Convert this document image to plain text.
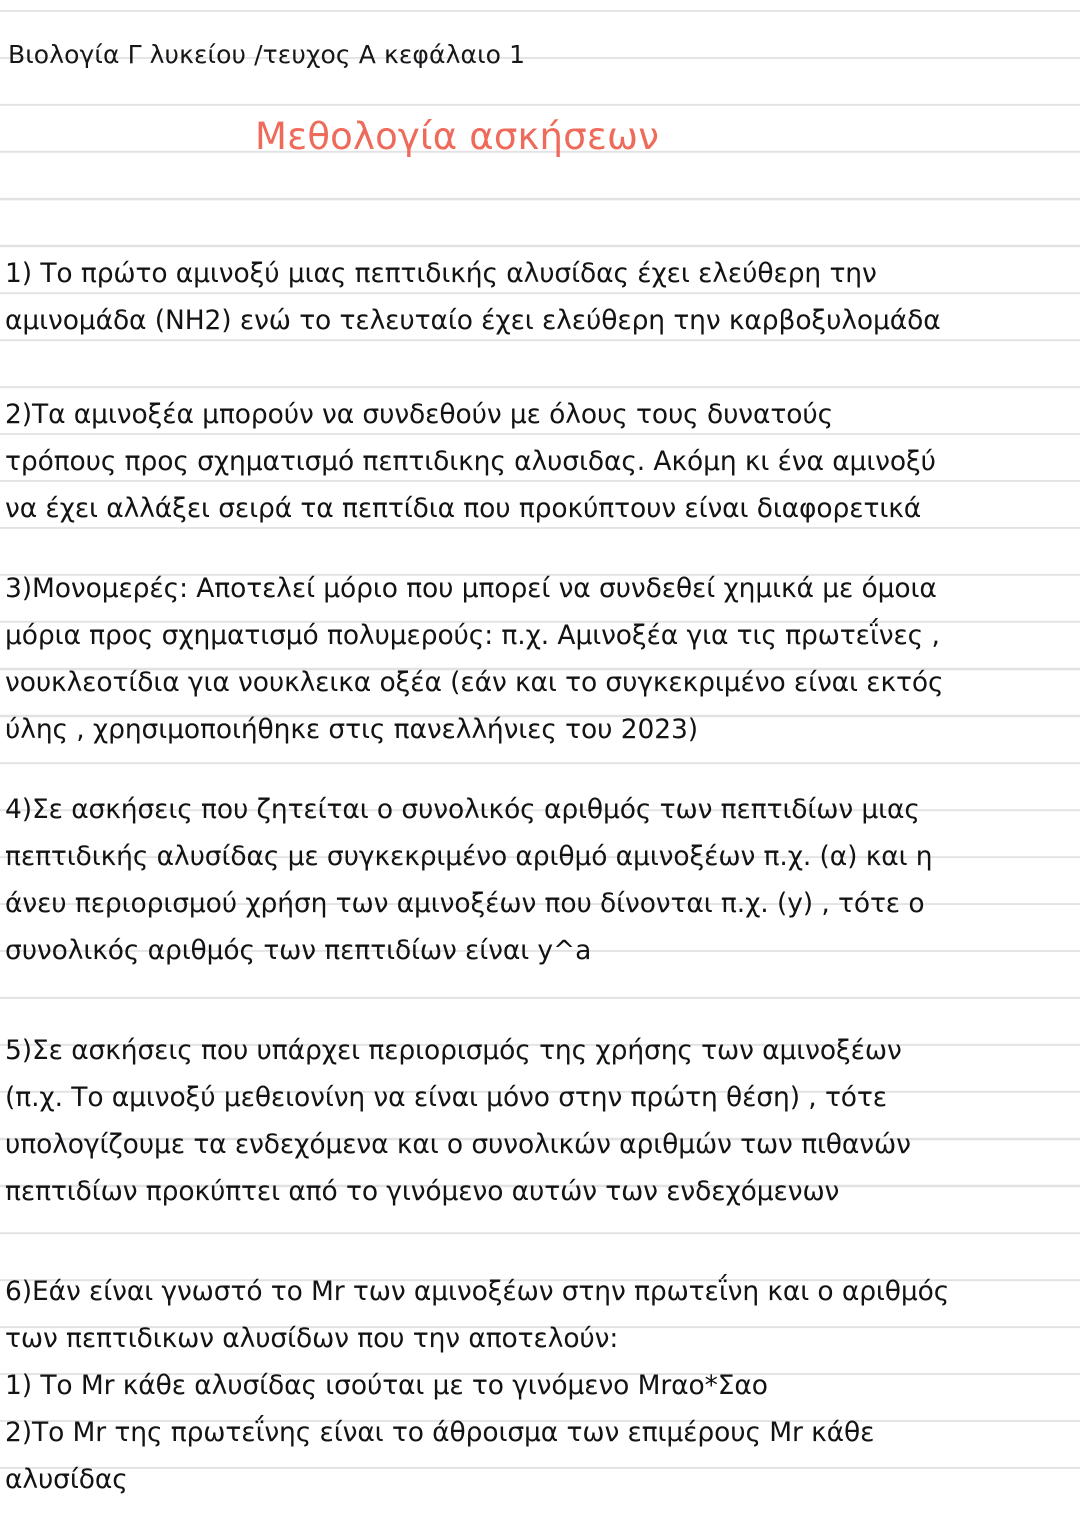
Βιολογία Γ λυκείου /τευχος Α κεφάλαιο 1
Μεθολογία ασκήσεων
1) Το πρώτο αμινοξύ μιας πεπτιδικής αλυσίδας έχει ελεύθερη την
αμινομάδα (NH2) ενώ το τελευταίο έχει ελεύθερη την καρβοξυλομάδα
2)Τα αμινοξέα μπορούν να συνδεθούν με όλους τους δυνατούς
τρόπους προς σχηματισμό πεπτιδικης αλυσιδας. Ακόμη κι ένα αμινοξύ
να έχει αλλάξει σειρά τα πεπτίδια που προκύπτουν είναι διαφορετικά
3)Μονομερές: Αποτελεί μόριο που μπορεί να συνδεθεί χημικά με όμοια
μόρια προς σχηματισμό πολυμερούς: π.χ. Αμινοξέα για τις πρωτεΐνες ,
νουκλεοτίδια για νουκλεικα οξέα (εάν και το συγκεκριμένο είναι εκτός
ύλης , χρησιμοποιήθηκε στις πανελλήνιες του 2023)
4)Σε ασκήσεις που ζητείται ο συνολικός αριθμός των πεπτιδίων μιας
πεπτιδικής αλυσίδας με συγκεκριμένο αριθμό αμινοξέων π.χ. (α) και η
άνευ περιορισμού χρήση των αμινοξέων που δίνονται π.χ. (y) , τότε ο
συνολικός αριθμός των πεπτιδίων είναι y^a
5)Σε ασκήσεις που υπάρχει περιορισμός της χρήσης των αμινοξέων
(π.χ. Το αμινοξύ μεθειονίνη να είναι μόνο στην πρώτη θέση) , τότε
υπολογίζουμε τα ενδεχόμενα και ο συνολικών αριθμών των πιθανών
πεπτιδίων προκύπτει από το γινόμενο αυτών των ενδεχόμενων
6)Εάν είναι γνωστό το Mr των αμινοξέων στην πρωτεΐνη και ο αριθμός
των πεπτιδικων αλυσίδων που την αποτελούν:
1) Το Mr κάθε αλυσίδας ισούται με το γινόμενο Mrαο*Σαο
2)Το Mr της πρωτεΐνης είναι το άθροισμα των επιμέρους Mr κάθε
αλυσίδας
